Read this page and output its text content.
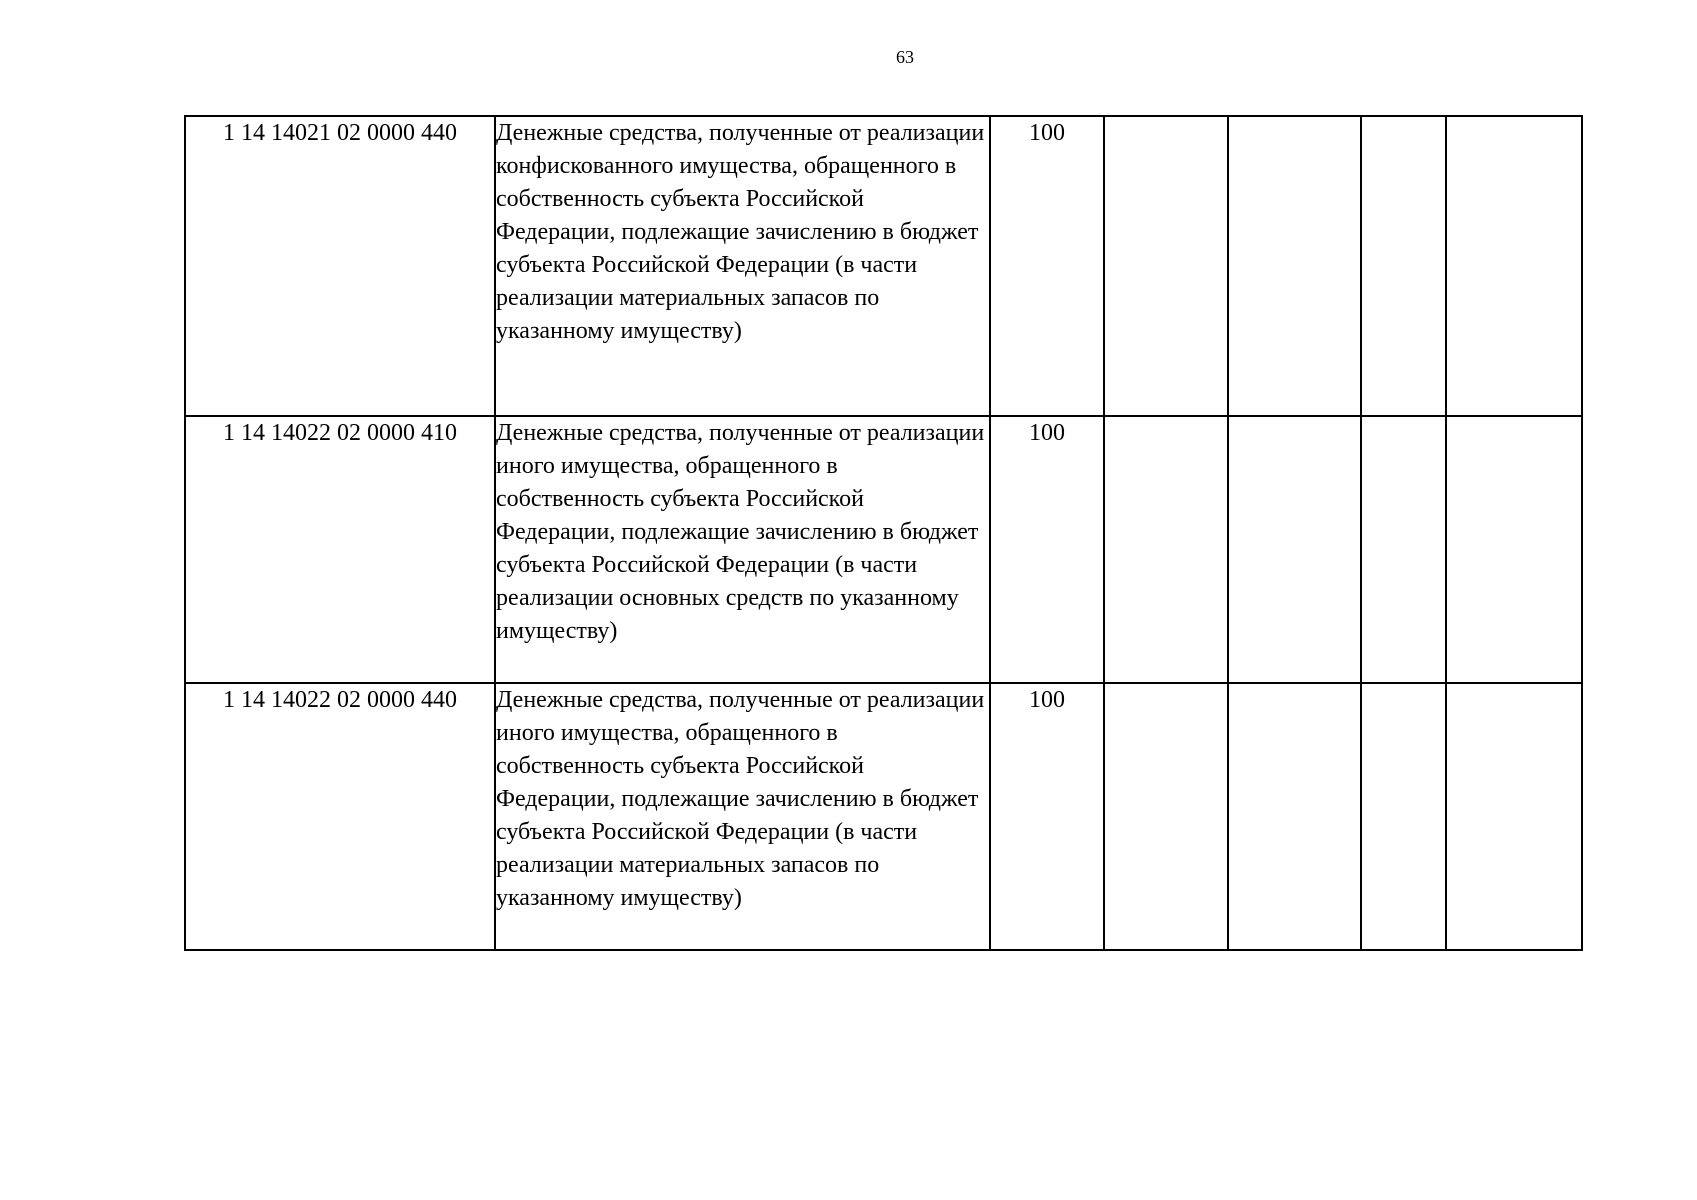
63
1 14 14021 02 0000 440	Денежные средства, полученные от реализации конфискованного имущества, обращенного в собственность субъекта Российской Федерации, подлежащие зачислению в бюджет субъекта Российской Федерации (в части реализации материальных запасов по указанному имуществу)	100				
1 14 14022 02 0000 410	Денежные средства, полученные от реализации иного имущества, обращенного в собственность субъекта Российской Федерации, подлежащие зачислению в бюджет субъекта Российской Федерации (в части реализации основных средств по указанному имуществу)	100				
1 14 14022 02 0000 440	Денежные средства, полученные от реализации иного имущества, обращенного в собственность субъекта Российской Федерации, подлежащие зачислению в бюджет субъекта Российской Федерации (в части реализации материальных запасов по указанному имуществу)	100				
